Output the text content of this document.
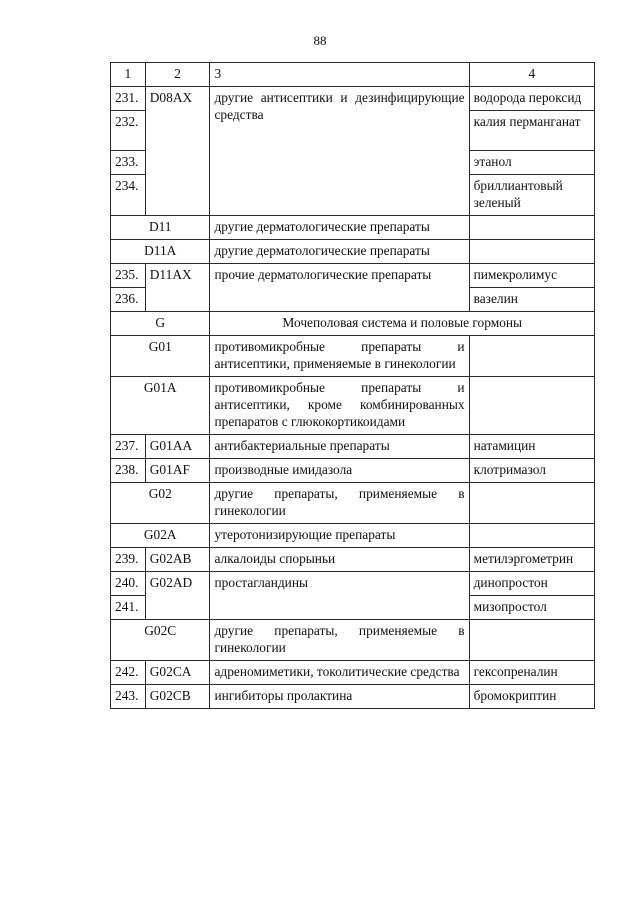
88
1	2	3	4
231.	D08AX	другие антисептики и дезинфицирующие средства	водорода пероксид
232.			калия перманганат
233.			этанол
234.			бриллиантовый зеленый
D11		другие дерматологические препараты	
D11A		другие дерматологические препараты	
235.	D11AX	прочие дерматологические препараты	пимекролимус
236.			вазелин
G		Мочеполовая система и половые гормоны	
G01		противомикробные препараты и антисептики, применяемые в гинекологии	
G01A		противомикробные препараты и антисептики, кроме комбинированных препаратов с глюкокортикоидами	
237.	G01AA	антибактериальные препараты	натамицин
238.	G01AF	производные имидазола	клотримазол
G02		другие препараты, применяемые в гинекологии	
G02A		утеротонизирующие препараты	
239.	G02AB	алкалоиды спорыньи	метилэргометрин
240.	G02AD	простагландины	динопростон
241.			мизопростол
G02C		другие препараты, применяемые в гинекологии	
242.	G02CA	адреномиметики, токолитические средства	гексопреналин
243.	G02CB	ингибиторы пролактина	бромокриптин
